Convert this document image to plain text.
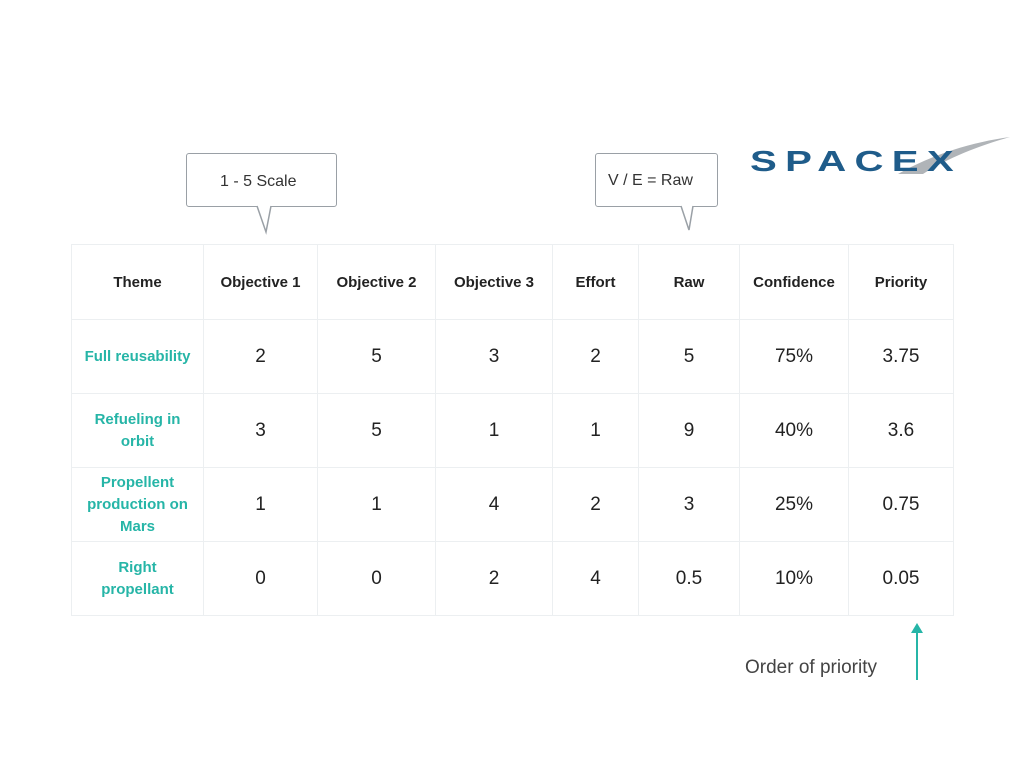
1 - 5 Scale	V / E = Raw
SPACEX
Theme	Objective 1	Objective 2	Objective 3	Effort	Raw	Confidence	Priority
Full reusability	2	5	3	2	5	75%	3.75
Refueling in orbit	3	5	1	1	9	40%	3.6
Propellent production on Mars	1	1	4	2	3	25%	0.75
Right propellant	0	0	2	4	0.5	10%	0.05
Order of priority
